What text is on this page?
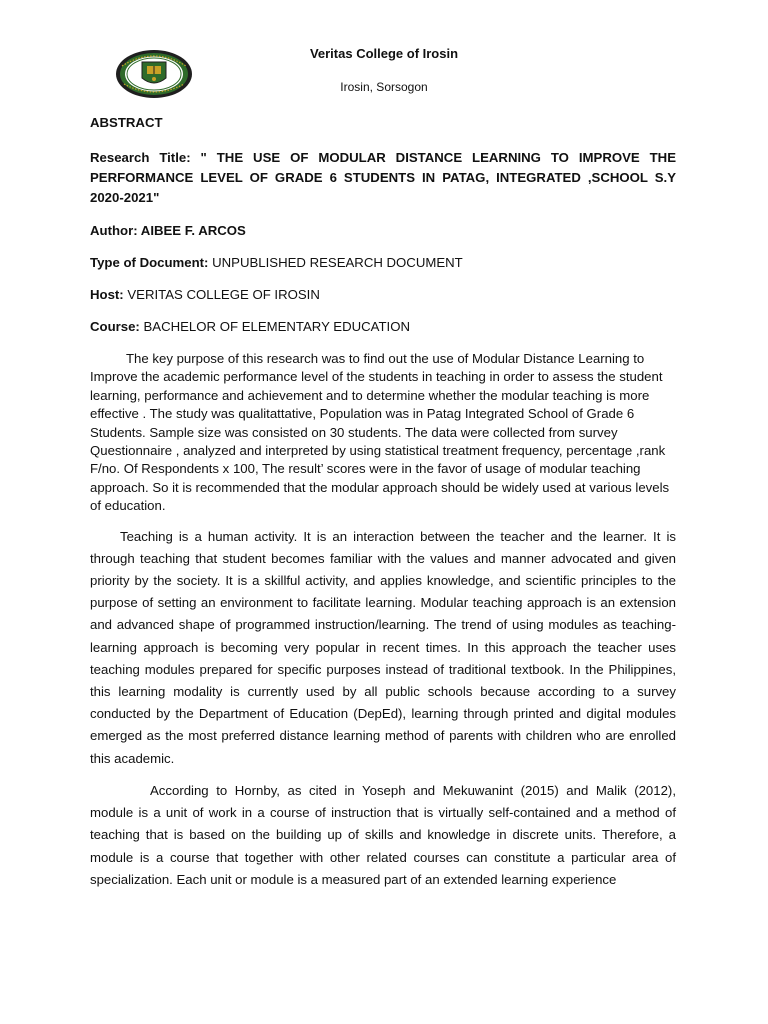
Veritas College of Irosin
Irosin, Sorsogon

ABSTRACT

Research Title: " THE USE OF MODULAR DISTANCE LEARNING TO IMPROVE THE PERFORMANCE LEVEL OF GRADE 6 STUDENTS IN PATAG, INTEGRATED ,SCHOOL S.Y 2020-2021"

Author: AIBEE F. ARCOS

Type of Document: UNPUBLISHED RESEARCH DOCUMENT

Host: VERITAS COLLEGE OF IROSIN

Course: BACHELOR OF ELEMENTARY EDUCATION

The key purpose of this research was to find out the use of Modular Distance Learning to Improve the academic performance level of the students in teaching in order to assess the student learning, performance and achievement and to determine whether the modular teaching is more effective . The study was qualitattative, Population was in Patag Integrated School of Grade 6 Students. Sample size was consisted on 30 students. The data were collected from survey Questionnaire , analyzed and interpreted by using statistical treatment frequency, percentage ,rank F/no. Of Respondents x 100, The result’ scores were in the favor of usage of modular teaching approach. So it is recommended that the modular approach should be widely used at various levels of education.

Teaching is a human activity. It is an interaction between the teacher and the learner. It is through teaching that student becomes familiar with the values and manner advocated and given priority by the society. It is a skillful activity, and applies knowledge, and scientific principles to the purpose of setting an environment to facilitate learning. Modular teaching approach is an extension and advanced shape of programmed instruction/learning. The trend of using modules as teaching-learning approach is becoming very popular in recent times. In this approach the teacher uses teaching modules prepared for specific purposes instead of traditional textbook. In the Philippines, this learning modality is currently used by all public schools because according to a survey conducted by the Department of Education (DepEd), learning through printed and digital modules emerged as the most preferred distance learning method of parents with children who are enrolled this academic.

According to Hornby, as cited in Yoseph and Mekuwanint (2015) and Malik (2012), module is a unit of work in a course of instruction that is virtually self-contained and a method of teaching that is based on the building up of skills and knowledge in discrete units. Therefore, a module is a course that together with other related courses can constitute a particular area of specialization. Each unit or module is a measured part of an extended learning experience
